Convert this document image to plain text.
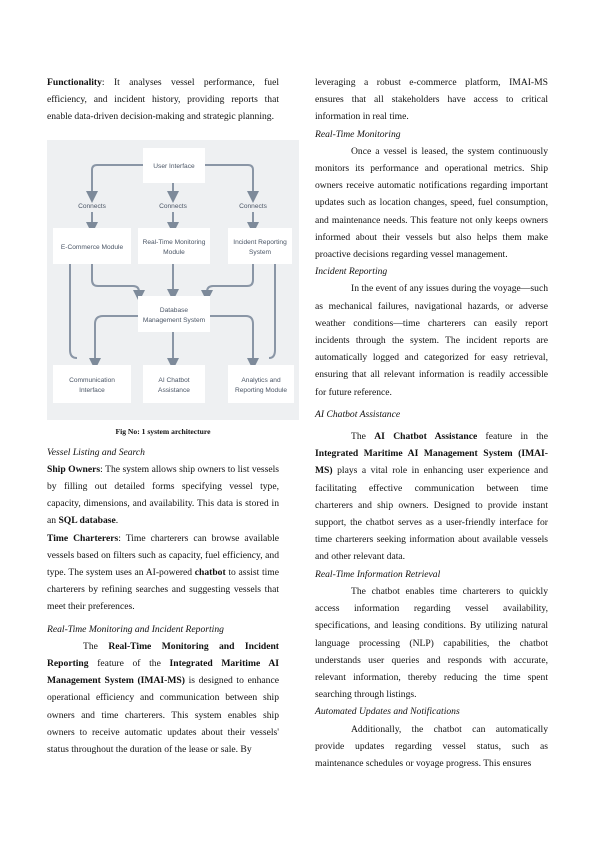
Functionality: It analyses vessel performance, fuel efficiency, and incident history, providing reports that enable data-driven decision-making and strategic planning.

User Interface
Connects	Connects	Connects
E-Commerce Module
Real-Time Monitoring
Module
Incident Reporting
System
Database
Management System
Communication
Interface
AI Chatbot
Assistance
Analytics and
Reporting Module
Fig No: 1 system architecture

Vessel Listing and Search

Ship Owners: The system allows ship owners to list vessels by filling out detailed forms specifying vessel type, capacity, dimensions, and availability. This data is stored in an SQL database.

Time Charterers: Time charterers can browse available vessels based on filters such as capacity, fuel efficiency, and type. The system uses an AI-powered chatbot to assist time charterers by refining searches and suggesting vessels that meet their preferences.

Real-Time Monitoring and Incident Reporting

The Real-Time Monitoring and Incident Reporting feature of the Integrated Maritime AI Management System (IMAI-MS) is designed to enhance operational efficiency and communication between ship owners and time charterers. This system enables ship owners to receive automatic updates about their vessels' status throughout the duration of the lease or sale. By

leveraging a robust e-commerce platform, IMAI-MS ensures that all stakeholders have access to critical information in real time.

Real-Time Monitoring

Once a vessel is leased, the system continuously monitors its performance and operational metrics. Ship owners receive automatic notifications regarding important updates such as location changes, speed, fuel consumption, and maintenance needs. This feature not only keeps owners informed about their vessels but also helps them make proactive decisions regarding vessel management.

Incident Reporting

In the event of any issues during the voyage—such as mechanical failures, navigational hazards, or adverse weather conditions—time charterers can easily report incidents through the system. The incident reports are automatically logged and categorized for easy retrieval, ensuring that all relevant information is readily accessible for future reference.

AI Chatbot Assistance

The AI Chatbot Assistance feature in the Integrated Maritime AI Management System (IMAI-MS) plays a vital role in enhancing user experience and facilitating effective communication between time charterers and ship owners. Designed to provide instant support, the chatbot serves as a user-friendly interface for time charterers seeking information about available vessels and other relevant data.

Real-Time Information Retrieval

The chatbot enables time charterers to quickly access information regarding vessel availability, specifications, and leasing conditions. By utilizing natural language processing (NLP) capabilities, the chatbot understands user queries and responds with accurate, relevant information, thereby reducing the time spent searching through listings.

Automated Updates and Notifications

Additionally, the chatbot can automatically provide updates regarding vessel status, such as maintenance schedules or voyage progress. This ensures
